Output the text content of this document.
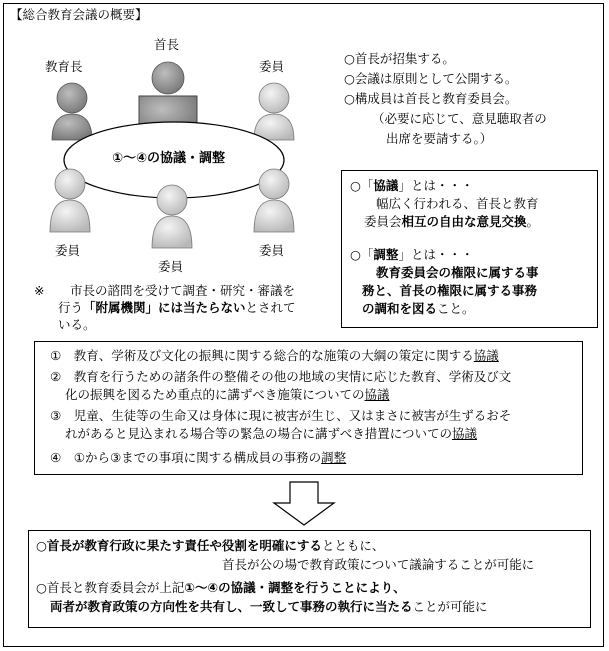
【総合教育会議の概要】
首長
教育長	委員
委員
委員
委員
①～④の協議・調整
○首長が招集する。
○会議は原則として公開する。
○構成員は首長と教育委員会。
（必要に応じて、意見聴取者の
出席を要請する。）
※ 市長の諮問を受けて調査・研究・審議を
行う「附属機関」には当たらないとされて
いる。
○「協議」とは・・・
幅広く行われる、首長と教育
委員会相互の自由な意見交換。
○「調整」とは・・・
教育委員会の権限に属する事
務と、首長の権限に属する事務
の調和を図ること。
①　 教育、学術及び文化の振興に関する総合的な施策の大綱の策定に関する協議
②　 教育を行うための諸条件の整備その他の地域の実情に応じた教育、学術及び文
化の振興を図るため重点的に講ずべき施策についての協議
③　 児童、生徒等の生命又は身体に現に被害が生じ、又はまさに被害が生ずるおそ
れがあると見込まれる場合等の緊急の場合に講ずべき措置についての協議
④　 ①から③までの事項に関する構成員の事務の調整
○首長が教育行政に果たす責任や役割を明確にするとともに、
首長が公の場で教育政策について議論することが可能に
○首長と教育委員会が上記①～④の協議・調整を行うことにより、
両者が教育政策の方向性を共有し、一致して事務の執行に当たることが可能に
